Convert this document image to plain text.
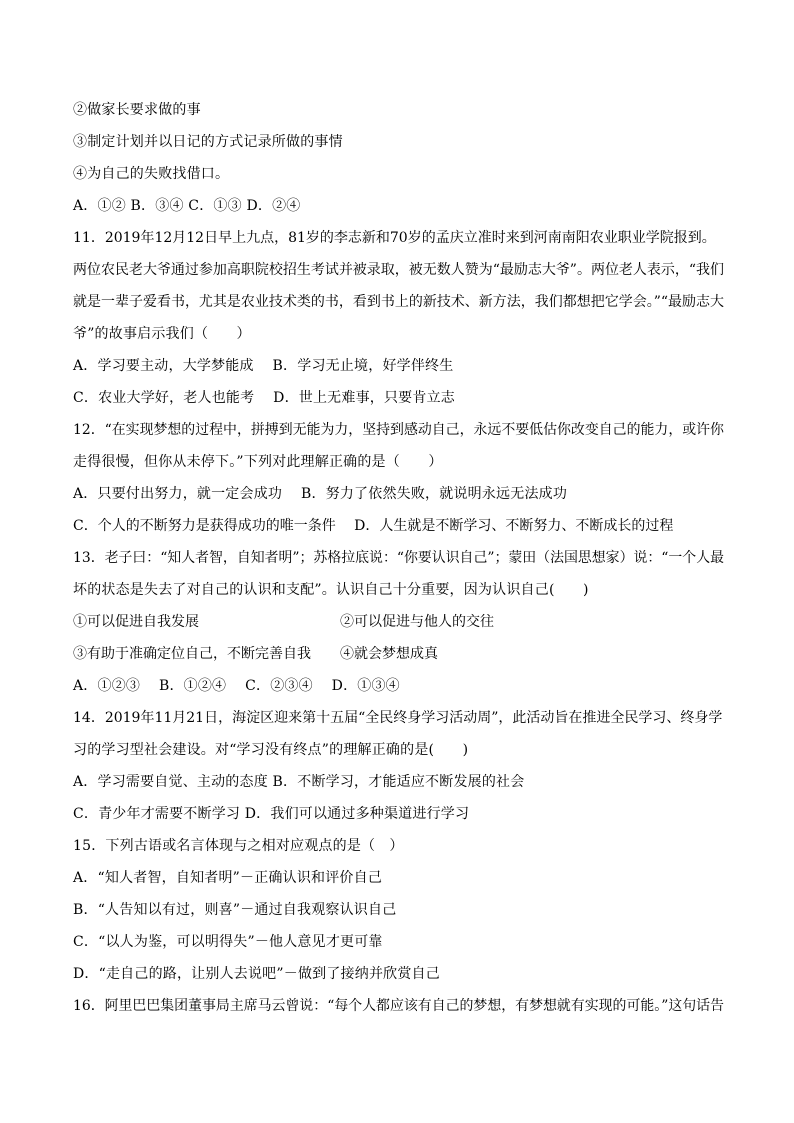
②做家长要求做的事
③制定计划并以日记的方式记录所做的事情
④为自己的失败找借口。
A．①② B．③④ C．①③ D．②④
11．2019年12月12日早上九点，81岁的李志新和70岁的孟庆立准时来到河南南阳农业职业学院报到。
两位农民老大爷通过参加高职院校招生考试并被录取，被无数人赞为“最励志大爷”。两位老人表示，“我们
就是一辈子爱看书，尤其是农业技术类的书，看到书上的新技术、新方法，我们都想把它学会。”“最励志大
爷”的故事启示我们（　　）
A．学习要主动，大学梦能成　 B．学习无止境，好学伴终生
C．农业大学好，老人也能考　 D．世上无难事，只要肯立志
12．“在实现梦想的过程中，拼搏到无能为力，坚持到感动自己，永远不要低估你改变自己的能力，或许你
走得很慢，但你从未停下。”下列对此理解正确的是（　　）
A．只要付出努力，就一定会成功　 B．努力了依然失败，就说明永远无法成功
C．个人的不断努力是获得成功的唯一条件　 D．人生就是不断学习、不断努力、不断成长的过程
13．老子曰：“知人者智，自知者明”；苏格拉底说：“你要认识自己”；蒙田（法国思想家）说：“一个人最
坏的状态是失去了对自己的认识和支配”。认识自己十分重要，因为认识自己(　　)
①可以促进自我发展	②可以促进与他人的交往
③有助于准确定位自己，不断完善自我 ④就会梦想成真
A．①②③　 B．①②④　 C．②③④　 D．①③④
14．2019年11月21日，海淀区迎来第十五届“全民终身学习活动周”，此活动旨在推进全民学习、终身学
习的学习型社会建设。对“学习没有终点”的理解正确的是(　　)
A．学习需要自觉、主动的态度 B．不断学习，才能适应不断发展的社会
C．青少年才需要不断学习 D．我们可以通过多种渠道进行学习
15．下列古语或名言体现与之相对应观点的是（　）
A．“知人者智，自知者明”－正确认识和评价自己
B．“人告知以有过，则喜”－通过自我观察认识自己
C．“以人为鉴，可以明得失”－他人意见才更可靠
D．“走自己的路，让别人去说吧”－做到了接纳并欣赏自己
16．阿里巴巴集团董事局主席马云曾说：“每个人都应该有自己的梦想，有梦想就有实现的可能。”这句话告
